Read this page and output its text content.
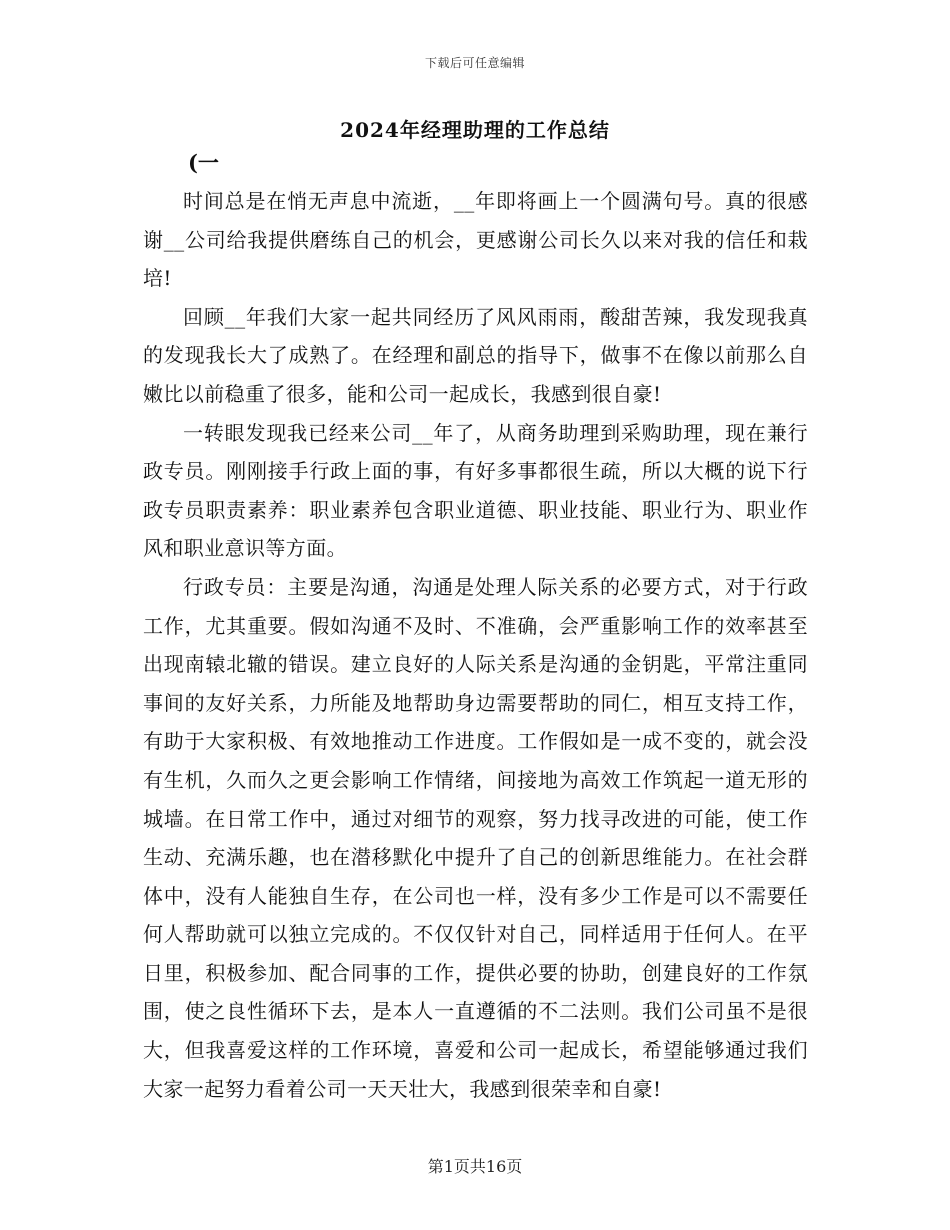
下载后可任意编辑
2024年经理助理的工作总结
(一

时间总是在悄无声息中流逝，__年即将画上一个圆满句号。真的很感谢__公司给我提供磨练自己的机会，更感谢公司长久以来对我的信任和栽培!

回顾__年我们大家一起共同经历了风风雨雨，酸甜苦辣，我发现我真的发现我长大了成熟了。在经理和副总的指导下，做事不在像以前那么自嫩比以前稳重了很多，能和公司一起成长，我感到很自豪!

一转眼发现我已经来公司__年了，从商务助理到采购助理，现在兼行政专员。刚刚接手行政上面的事，有好多事都很生疏，所以大概的说下行政专员职责素养：职业素养包含职业道德、职业技能、职业行为、职业作风和职业意识等方面。

行政专员：主要是沟通，沟通是处理人际关系的必要方式，对于行政工作，尤其重要。假如沟通不及时、不准确，会严重影响工作的效率甚至出现南辕北辙的错误。建立良好的人际关系是沟通的金钥匙，平常注重同事间的友好关系，力所能及地帮助身边需要帮助的同仁，相互支持工作，有助于大家积极、有效地推动工作进度。工作假如是一成不变的，就会没有生机，久而久之更会影响工作情绪，间接地为高效工作筑起一道无形的城墙。在日常工作中，通过对细节的观察，努力找寻改进的可能，使工作生动、充满乐趣，也在潜移默化中提升了自己的创新思维能力。在社会群体中，没有人能独自生存，在公司也一样，没有多少工作是可以不需要任何人帮助就可以独立完成的。不仅仅针对自己，同样适用于任何人。在平日里，积极参加、配合同事的工作，提供必要的协助，创建良好的工作氛围，使之良性循环下去，是本人一直遵循的不二法则。我们公司虽不是很大，但我喜爱这样的工作环境，喜爱和公司一起成长，希望能够通过我们大家一起努力看着公司一天天壮大，我感到很荣幸和自豪!

第1页共16页
